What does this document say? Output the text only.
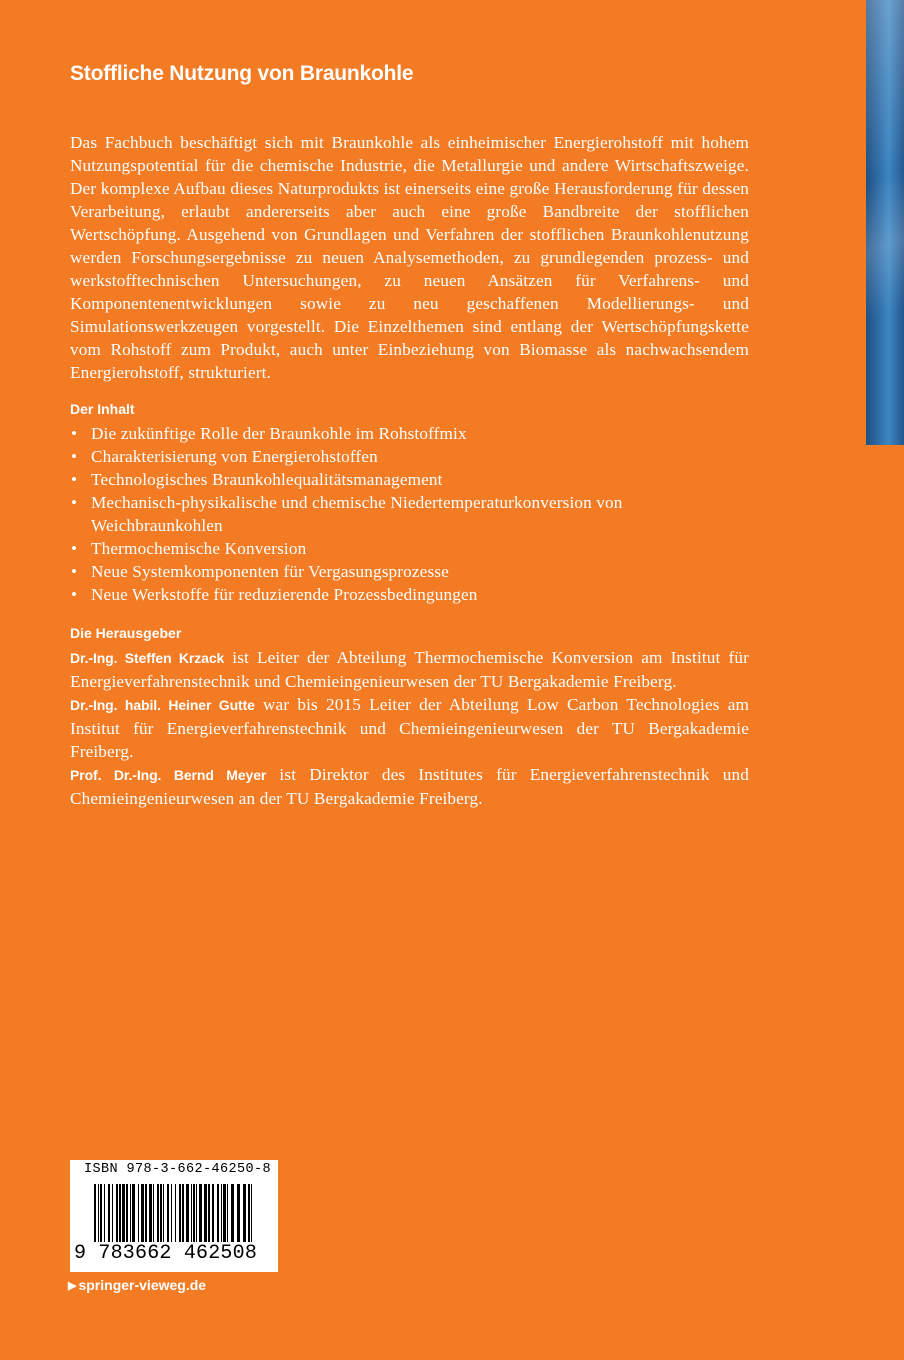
Stoffliche Nutzung von Braunkohle
Das Fachbuch beschäftigt sich mit Braunkohle als einheimischer Energierohstoff mit hohem Nutzungspotential für die chemische Industrie, die Metallurgie und andere Wirtschaftszweige. Der komplexe Aufbau dieses Naturprodukts ist einerseits eine große Herausforderung für dessen Verarbeitung, erlaubt andererseits aber auch eine große Bandbreite der stofflichen Wertschöpfung. Ausgehend von Grundlagen und Verfahren der stofflichen Braunkohlenutzung werden Forschungsergebnisse zu neuen Analysemethoden, zu grundlegenden prozess- und werkstofftechnischen Untersuchungen, zu neuen Ansätzen für Verfahrens- und Komponentenentwicklungen sowie zu neu geschaffenen Modellierungs- und Simulationswerkzeugen vorgestellt. Die Einzelthemen sind entlang der Wertschöpfungskette vom Rohstoff zum Produkt, auch unter Einbeziehung von Biomasse als nachwachsendem Energierohstoff, strukturiert.
Der Inhalt
• Die zukünftige Rolle der Braunkohle im Rohstoffmix
• Charakterisierung von Energierohstoffen
• Technologisches Braunkohlequalitätsmanagement
• Mechanisch-physikalische und chemische Niedertemperaturkonversion von Weichbraunkohlen
• Thermochemische Konversion
• Neue Systemkomponenten für Vergasungsprozesse
• Neue Werkstoffe für reduzierende Prozessbedingungen
Die Herausgeber

Dr.-Ing. Steffen Krzack ist Leiter der Abteilung Thermochemische Konversion am Institut für Energieverfahrenstechnik und Chemieingenieurwesen der TU Bergakademie Freiberg.

Dr.-Ing. habil. Heiner Gutte war bis 2015 Leiter der Abteilung Low Carbon Technologies am Institut für Energieverfahrenstechnik und Chemieingenieurwesen der TU Bergakademie Freiberg.

Prof. Dr.-Ing. Bernd Meyer ist Direktor des Institutes für Energieverfahrenstechnik und Chemieingenieurwesen an der TU Bergakademie Freiberg.

ISBN 978-3-662-46250-8
9 783662 462508
▶ springer-vieweg.de
